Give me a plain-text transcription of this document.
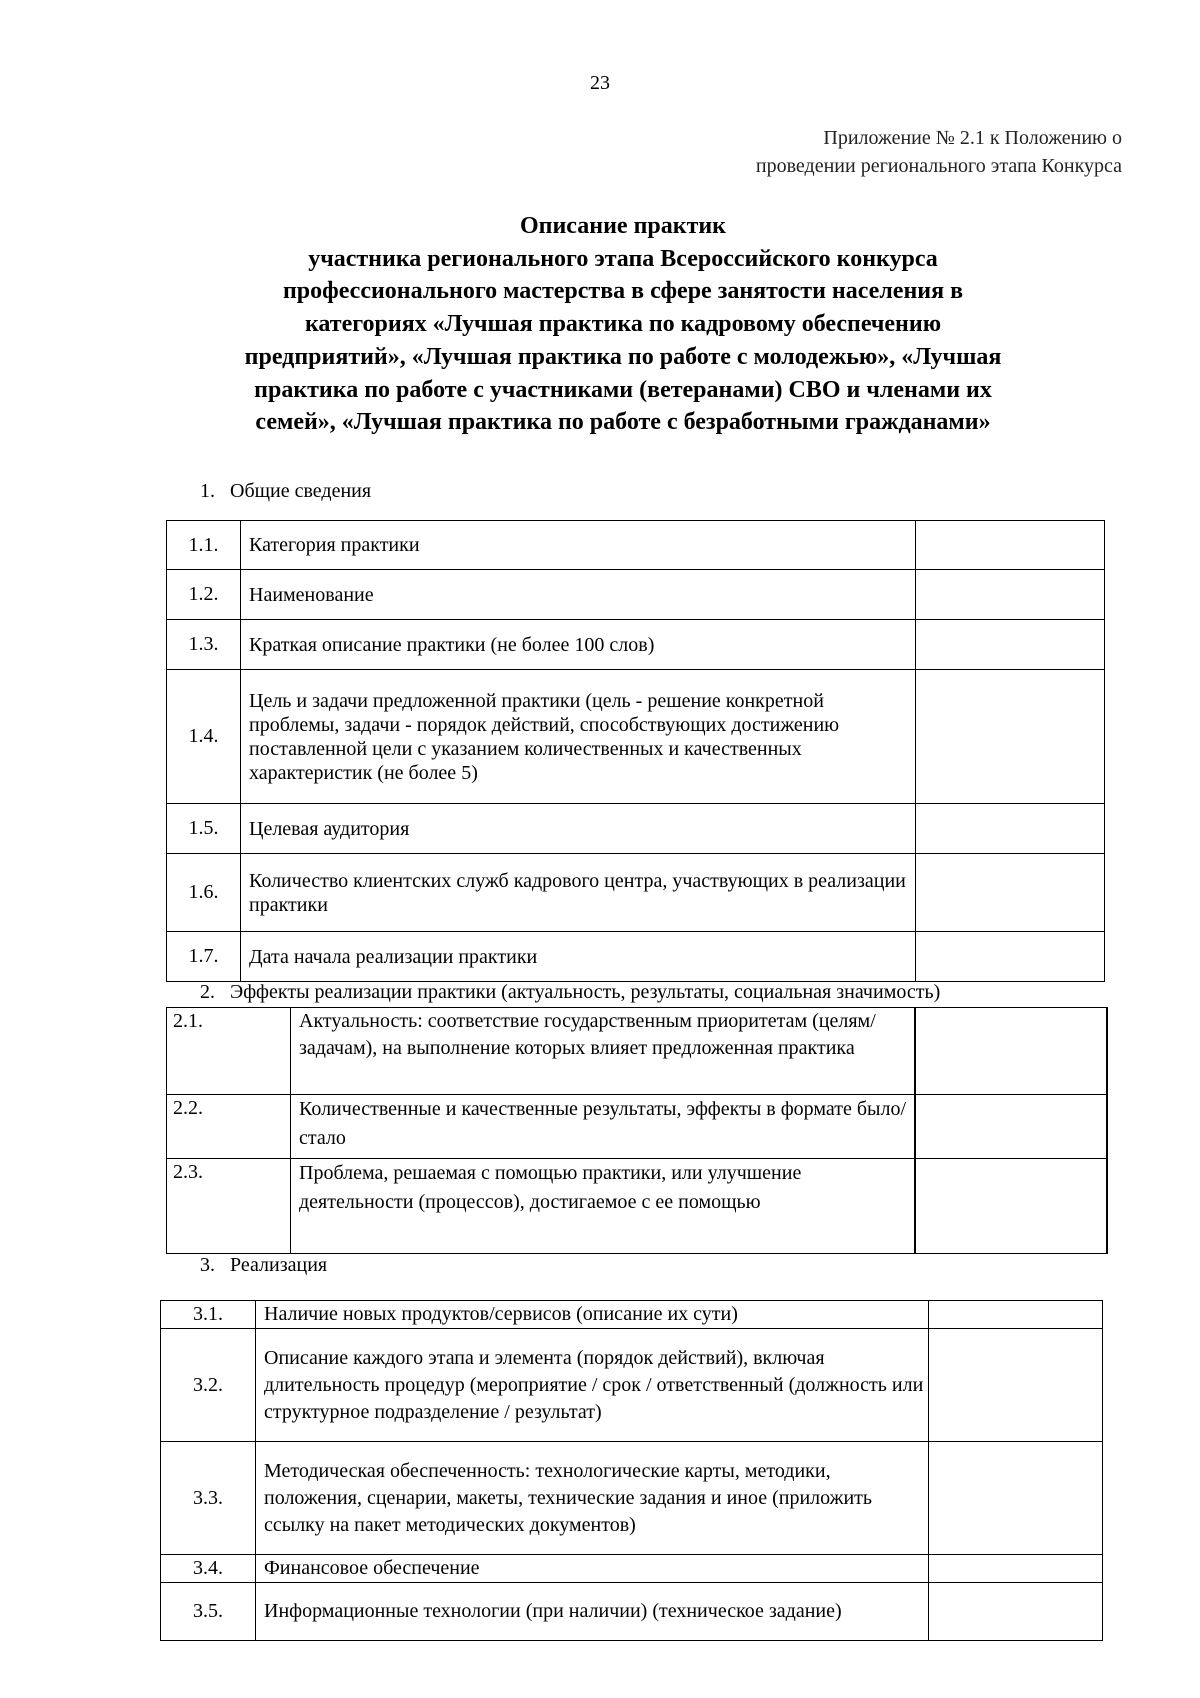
23
Приложение № 2.1 к Положению о
проведении регионального этапа Конкурса
Описание практик
участника регионального этапа Всероссийского конкурса
профессионального мастерства в сфере занятости населения в
категориях «Лучшая практика по кадровому обеспечению
предприятий», «Лучшая практика по работе с молодежью», «Лучшая
практика по работе с участниками (ветеранами) СВО и членами их
семей», «Лучшая практика по работе с безработными гражданами»
1. Общие сведения
1.1.	Категория практики	
1.2.	Наименование	
1.3.	Краткая описание практики (не более 100 слов)	
1.4.	Цель и задачи предложенной практики (цель - решение конкретной проблемы, задачи - порядок действий, способствующих достижению поставленной цели с указанием количественных и качественных характеристик (не более 5)	
1.5.	Целевая аудитория	
1.6.	Количество клиентских служб кадрового центра, участвующих в реализации практики	
1.7.	Дата начала реализации практики	
2. Эффекты реализации практики (актуальность, результаты, социальная значимость)
2.1.	Актуальность: соответствие государственным приоритетам (целям/задачам), на выполнение которых влияет предложенная практика	
2.2.	Количественные и качественные результаты, эффекты в формате было/стало	
2.3.	Проблема, решаемая с помощью практики, или улучшение деятельности (процессов), достигаемое с ее помощью	
3. Реализация
3.1.	Наличие новых продуктов/сервисов (описание их сути)	
3.2.	Описание каждого этапа и элемента (порядок действий), включая длительность процедур (мероприятие / срок / ответственный (должность или структурное подразделение / результат)	
3.3.	Методическая обеспеченность: технологические карты, методики, положения, сценарии, макеты, технические задания и иное (приложить ссылку на пакет методических документов)	
3.4.	Финансовое обеспечение	
3.5.	Информационные технологии (при наличии) (техническое задание)	
